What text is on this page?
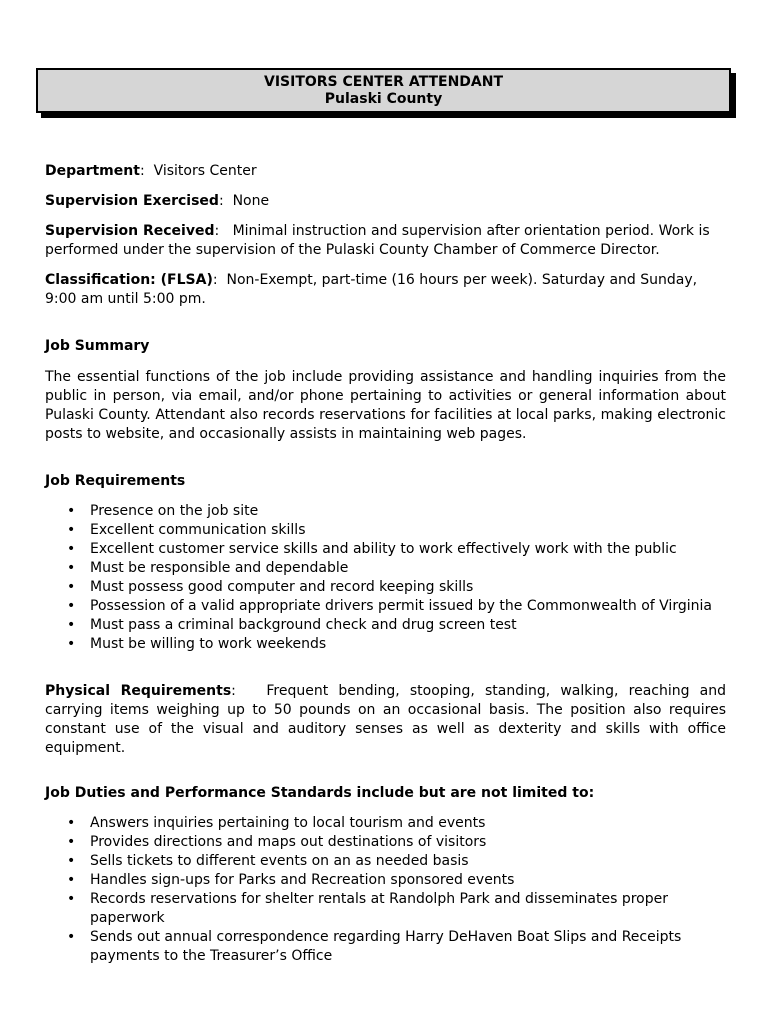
VISITORS CENTER ATTENDANT
Pulaski County

Department:  Visitors Center

Supervision Exercised:  None

Supervision Received:   Minimal instruction and supervision after orientation period. Work is performed under the supervision of the Pulaski County Chamber of Commerce Director.

Classification: (FLSA):  Non-Exempt, part-time (16 hours per week). Saturday and Sunday, 9:00 am until 5:00 pm.

Job Summary

The essential functions of the job include providing assistance and handling inquiries from the public in person, via email, and/or phone pertaining to activities or general information about Pulaski County. Attendant also records reservations for facilities at local parks, making electronic posts to website, and occasionally assists in maintaining web pages.

Job Requirements

• Presence on the job site
• Excellent communication skills
• Excellent customer service skills and ability to work effectively work with the public
• Must be responsible and dependable
• Must possess good computer and record keeping skills
• Possession of a valid appropriate drivers permit issued by the Commonwealth of Virginia
• Must pass a criminal background check and drug screen test
• Must be willing to work weekends

Physical Requirements:   Frequent bending, stooping, standing, walking, reaching and carrying items weighing up to 50 pounds on an occasional basis. The position also requires constant use of the visual and auditory senses as well as dexterity and skills with office equipment.

Job Duties and Performance Standards include but are not limited to:

• Answers inquiries pertaining to local tourism and events
• Provides directions and maps out destinations of visitors
• Sells tickets to different events on an as needed basis
• Handles sign-ups for Parks and Recreation sponsored events
• Records reservations for shelter rentals at Randolph Park and disseminates proper paperwork
• Sends out annual correspondence regarding Harry DeHaven Boat Slips and Receipts payments to the Treasurer’s Office
